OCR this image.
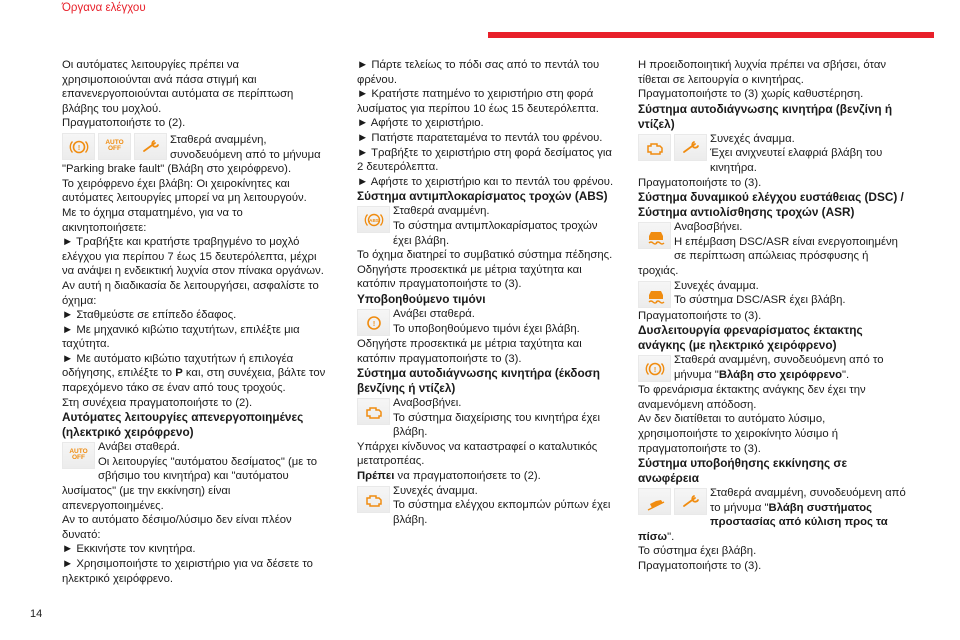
Όργανα ελέγχου

Οι αυτόματες λειτουργίες πρέπει να χρησιμοποιούνται ανά πάσα στιγμή και επανενεργοποιούνται αυτόματα σε περίπτωση βλάβης του μοχλού.

Πραγματοποιήστε το (2).

!
AUTO
OFF
Σταθερά αναμμένη, συνοδευόμενη από το μήνυμα

"Parking brake fault" (Βλάβη στο χειρόφρενο).

Το χειρόφρενο έχει βλάβη: Οι χειροκίνητες και αυτόματες λειτουργίες μπορεί να μη λειτουργούν.

Με το όχημα σταματημένο, για να το ακινητοποιήσετε:

► Τραβήξτε και κρατήστε τραβηγμένο το μοχλό ελέγχου για περίπου 7 έως 15 δευτερόλεπτα, μέχρι να ανάψει η ενδεικτική λυχνία στον πίνακα οργάνων.

Αν αυτή η διαδικασία δε λειτουργήσει, ασφαλίστε το όχημα:

► Σταθμεύστε σε επίπεδο έδαφος.

► Με μηχανικό κιβώτιο ταχυτήτων, επιλέξτε μια ταχύτητα.

► Με αυτόματο κιβώτιο ταχυτήτων ή επιλογέα οδήγησης, επιλέξτε το P και, στη συνέχεια, βάλτε τον παρεχόμενο τάκο σε έναν από τους τροχούς.

Στη συνέχεια πραγματοποιήστε το (2).

Αυτόματες λειτουργίες απενεργοποιημένες (ηλεκτρικό χειρόφρενο)

AUTO
OFF

Ανάβει σταθερά.

Οι λειτουργίες "αυτόματου δεσίματος" (με το σβήσιμο του κινητήρα) και "αυτόματου λυσίματος" (με την εκκίνηση) είναι απενεργοποιημένες.

Αν το αυτόματο δέσιμο/λύσιμο δεν είναι πλέον δυνατό:

► Εκκινήστε τον κινητήρα.

► Χρησιμοποιήστε το χειριστήριο για να δέσετε το ηλεκτρικό χειρόφρενο.

► Πάρτε τελείως το πόδι σας από το πεντάλ του φρένου.

► Κρατήστε πατημένο το χειριστήριο στη φορά λυσίματος για περίπου 10 έως 15 δευτερόλεπτα.

► Αφήστε το χειριστήριο.

► Πατήστε παρατεταμένα το πεντάλ του φρένου.

► Τραβήξτε το χειριστήριο στη φορά δεσίματος για 2 δευτερόλεπτα.

► Αφήστε το χειριστήριο και το πεντάλ του φρένου.

Σύστημα αντιμπλοκαρίσματος τροχών (ABS)

ABS

Σταθερά αναμμένη.

Το σύστημα αντιμπλοκαρίσματος τροχών έχει βλάβη.

Το όχημα διατηρεί το συμβατικό σύστημα πέδησης.

Οδηγήστε προσεκτικά με μέτρια ταχύτητα και κατόπιν πραγματοποιήστε το (3).

Υποβοηθούμενο τιμόνι

!

Ανάβει σταθερά.

Το υποβοηθούμενο τιμόνι έχει βλάβη.

Οδηγήστε προσεκτικά με μέτρια ταχύτητα και κατόπιν πραγματοποιήστε το (3).

Σύστημα αυτοδιάγνωσης κινητήρα (έκδοση βενζίνης ή ντίζελ)

Αναβοσβήνει.

Το σύστημα διαχείρισης του κινητήρα έχει βλάβη.

Υπάρχει κίνδυνος να καταστραφεί ο καταλυτικός μετατροπέας.

Πρέπει να πραγματοποιήσετε το (2).

Συνεχές άναμμα.

Το σύστημα ελέγχου εκπομπών ρύπων έχει βλάβη.

Η προειδοποιητική λυχνία πρέπει να σβήσει, όταν τίθεται σε λειτουργία ο κινητήρας.

Πραγματοποιήστε το (3) χωρίς καθυστέρηση.

Σύστημα αυτοδιάγνωσης κινητήρα (βενζίνη ή ντίζελ)

Συνεχές άναμμα.

Έχει ανιχνευτεί ελαφριά βλάβη του κινητήρα.

Πραγματοποιήστε το (3).

Σύστημα δυναμικού ελέγχου ευστάθειας (DSC) / Σύστημα αντιολίσθησης τροχών (ASR)

Αναβοσβήνει.

Η επέμβαση DSC/ASR είναι ενεργοποιημένη σε περίπτωση απώλειας πρόσφυσης ή τροχιάς.

Συνεχές άναμμα.

Το σύστημα DSC/ASR έχει βλάβη.

Πραγματοποιήστε το (3).

Δυσλειτουργία φρεναρίσματος έκτακτης ανάγκης (με ηλεκτρικό χειρόφρενο)

!

Σταθερά αναμμένη, συνοδευόμενη από το μήνυμα "Βλάβη στο χειρόφρενο".

Το φρενάρισμα έκτακτης ανάγκης δεν έχει την αναμενόμενη απόδοση.

Αν δεν διατίθεται το αυτόματο λύσιμο, χρησιμοποιήστε το χειροκίνητο λύσιμο ή πραγματοποιήστε το (3).

Σύστημα υποβοήθησης εκκίνησης σε ανωφέρεια

Σταθερά αναμμένη, συνοδευόμενη από το μήνυμα "Βλάβη συστήματος προστασίας από κύλιση προς τα πίσω".

Το σύστημα έχει βλάβη.

Πραγματοποιήστε το (3).

14
